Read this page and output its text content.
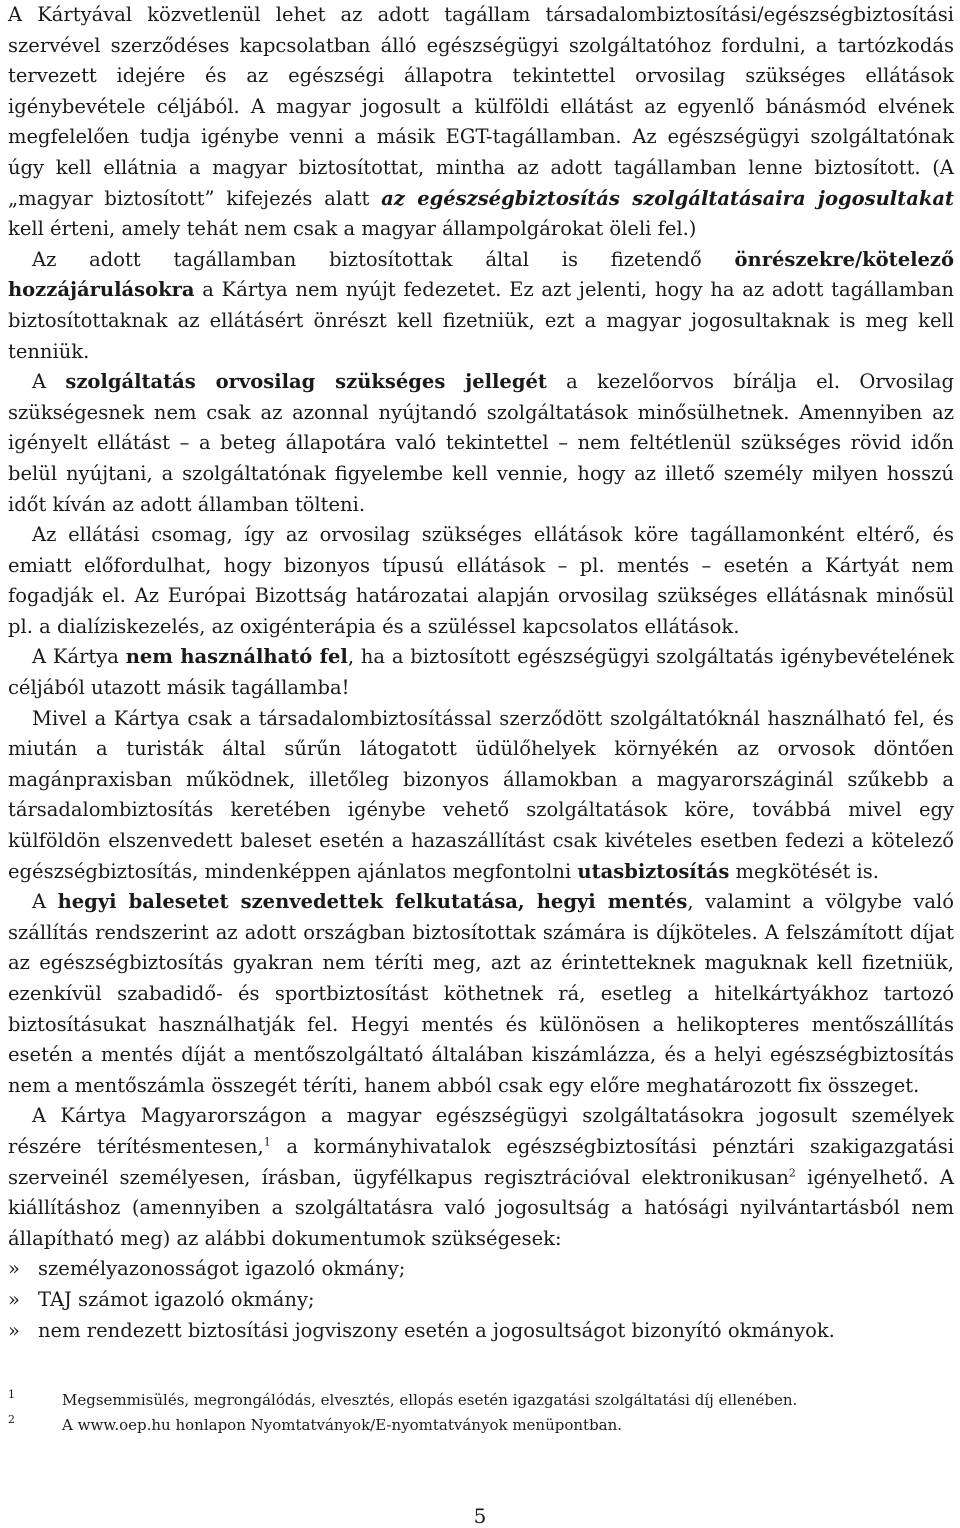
A Kártyával közvetlenül lehet az adott tagállam társadalombiztosítási/egészségbiztosítási szervével szerződéses kapcsolatban álló egészségügyi szolgáltatóhoz fordulni, a tartózkodás tervezett idejére és az egészségi állapotra tekintettel orvosilag szükséges ellátások igénybevétele céljából. A magyar jogosult a külföldi ellátást az egyenlő bánásmód elvének megfelelően tudja igénybe venni a másik EGT-tagállamban. Az egészségügyi szolgáltatónak úgy kell ellátnia a magyar biztosítottat, mintha az adott tagállamban lenne biztosított. (A „magyar biztosított” kifejezés alatt az egészségbiztosítás szolgáltatásaira jogosultakat kell érteni, amely tehát nem csak a magyar állampolgárokat öleli fel.)

Az adott tagállamban biztosítottak által is fizetendő önrészekre/kötelező hozzájárulásokra a Kártya nem nyújt fedezetet. Ez azt jelenti, hogy ha az adott tagállamban biztosítottaknak az ellátásért önrészt kell fizetniük, ezt a magyar jogosultaknak is meg kell tenniük.

A szolgáltatás orvosilag szükséges jellegét a kezelőorvos bírálja el. Orvosilag szükségesnek nem csak az azonnal nyújtandó szolgáltatások minősülhetnek. Amennyiben az igényelt ellátást – a beteg állapotára való tekintettel – nem feltétlenül szükséges rövid időn belül nyújtani, a szolgáltatónak figyelembe kell vennie, hogy az illető személy milyen hosszú időt kíván az adott államban tölteni.

Az ellátási csomag, így az orvosilag szükséges ellátások köre tagállamonként eltérő, és emiatt előfordulhat, hogy bizonyos típusú ellátások – pl. mentés – esetén a Kártyát nem fogadják el. Az Európai Bizottság határozatai alapján orvosilag szükséges ellátásnak minősül pl. a dialíziskezelés, az oxigénterápia és a szüléssel kapcsolatos ellátások.

A Kártya nem használható fel, ha a biztosított egészségügyi szolgáltatás igénybevételének céljából utazott másik tagállamba!

Mivel a Kártya csak a társadalombiztosítással szerződött szolgáltatóknál használható fel, és miután a turisták által sűrűn látogatott üdülőhelyek környékén az orvosok döntően magánpraxisban működnek, illetőleg bizonyos államokban a magyarországinál szűkebb a társadalombiztosítás keretében igénybe vehető szolgáltatások köre, továbbá mivel egy külföldön elszenvedett baleset esetén a hazaszállítást csak kivételes esetben fedezi a kötelező egészségbiztosítás, mindenképpen ajánlatos megfontolni utasbiztosítás megkötését is.

A hegyi balesetet szenvedettek felkutatása, hegyi mentés, valamint a völgybe való szállítás rendszerint az adott országban biztosítottak számára is díjköteles. A felszámított díjat az egészségbiztosítás gyakran nem téríti meg, azt az érintetteknek maguknak kell fizetniük, ezenkívül szabadidő- és sportbiztosítást köthetnek rá, esetleg a hitelkártyákhoz tartozó biztosításukat használhatják fel. Hegyi mentés és különösen a helikopteres mentőszállítás esetén a mentés díját a mentőszolgáltató általában kiszámlázza, és a helyi egészségbiztosítás nem a mentőszámla összegét téríti, hanem abból csak egy előre meghatározott fix összeget.

A Kártya Magyarországon a magyar egészségügyi szolgáltatásokra jogosult személyek részére térítésmentesen,$^1$ a kormányhivatalok egészségbiztosítási pénztári szakigazgatási szerveinél személyesen, írásban, ügyfélkapus regisztrációval elektronikusan$^2$ igényelhető. A kiállításhoz (amennyiben a szolgáltatásra való jogosultság a hatósági nyilvántartásból nem állapítható meg) az alábbi dokumentumok szükségesek:

» személyazonosságot igazoló okmány;
» TAJ számot igazoló okmány;
» nem rendezett biztosítási jogviszony esetén a jogosultságot bizonyító okmányok.
1	Megsemmisülés, megrongálódás, elvesztés, ellopás esetén igazgatási szolgáltatási díj ellenében.
2	A www.oep.hu honlapon Nyomtatványok/E-nyomtatványok menüpontban.
5
